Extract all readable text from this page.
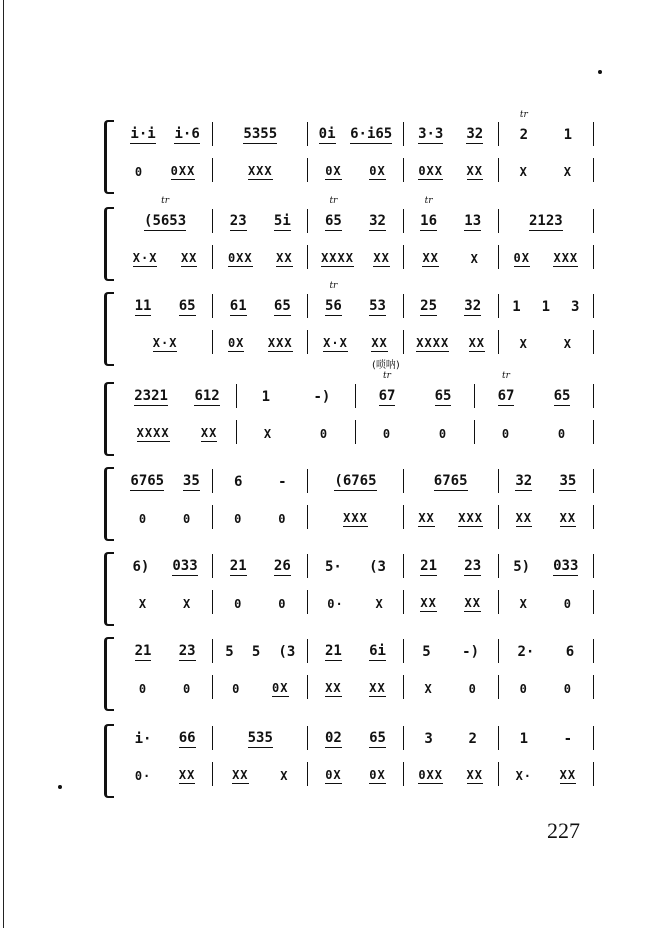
(唢呐)
i·i i·6	5355	0i 6·i65 3·3 32	2
tr
1
0 0XX	XXX	0X 0X	0XX XX	X	X
(5653
tr
23 5i 65
tr
32 16
tr
13	2123
X·X XX	0XX XX XXXX XX	XX	X	0X XXX
11 65 61 65 56
tr
53 25 32 1 1 3
X·X	0X XXX	X·X XX XXXX XX	X	X
2321 612	1	-)	67
tr
65	67
tr
65
XXXX	XX	X	0	0	0	0	0
6765 35 6	-	(6765	6765	32 35
0	0	0	0	XXX	XX XXX	XX XX
6) 033 21 26 5· (3 21 23 5) 033
X	X	0	0	0·	X	XX XX	X	0
21 23 5 5 (3 21 6i	5 -)	2· 6
0	0	0	0X	XX XX	X	0	0	0
i· 66	535	02 65	3	2	1	-
0· XX	XX	X	0X 0X	0XX XX	X· XX
227
